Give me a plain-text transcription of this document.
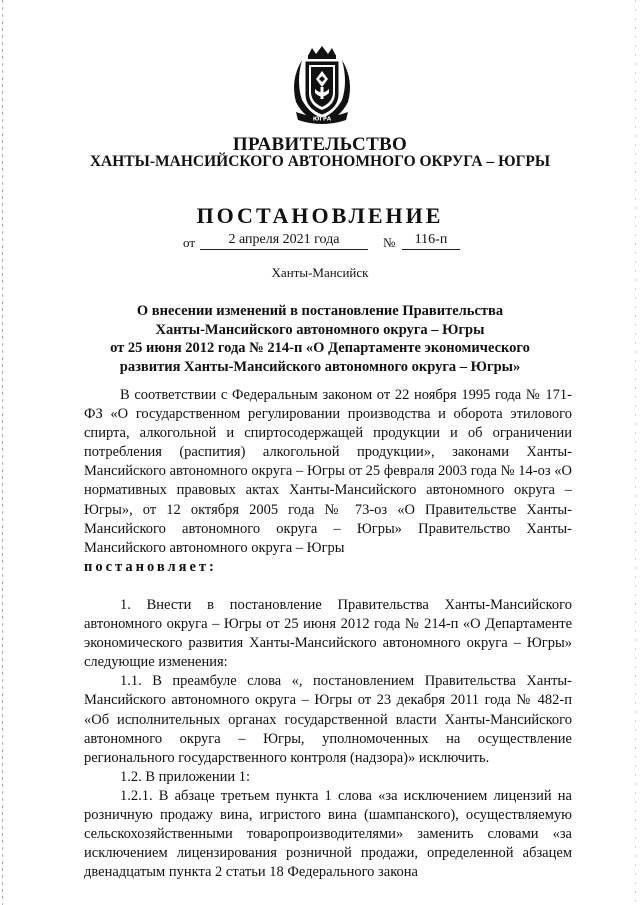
ЮГРА
ПРАВИТЕЛЬСТВО
ХАНТЫ-МАНСИЙСКОГО АВТОНОМНОГО ОКРУГА – ЮГРЫ
ПОСТАНОВЛЕНИЕ
от	2 апреля 2021 года	№	116-п
Ханты-Мансийск
О внесении изменений в постановление Правительства
Ханты-Мансийского автономного округа – Югры
от 25 июня 2012 года № 214-п «О Департаменте экономического
развития Ханты-Мансийского автономного округа – Югры»
В соответствии с Федеральным законом от 22 ноября 1995 года № 171-ФЗ «О государственном регулировании производства и оборота этилового спирта, алкогольной и спиртосодержащей продукции и об ограничении потребления (распития) алкогольной продукции», законами Ханты-Мансийского автономного округа – Югры от 25 февраля 2003 года № 14-оз «О нормативных правовых актах Ханты-Мансийского автономного округа – Югры», от 12 октября 2005 года № 73-оз «О Правительстве Ханты-Мансийского автономного округа – Югры» Правительство Ханты-Мансийского автономного округа – Югры
постановляет:
1. Внести в постановление Правительства Ханты-Мансийского автономного округа – Югры от 25 июня 2012 года № 214-п «О Департаменте экономического развития Ханты-Мансийского автономного округа – Югры» следующие изменения:
1.1. В преамбуле слова «, постановлением Правительства Ханты-Мансийского автономного округа – Югры от 23 декабря 2011 года № 482-п «Об исполнительных органах государственной власти Ханты-Мансийского автономного округа – Югры, уполномоченных на осуществление регионального государственного контроля (надзора)» исключить.
1.2. В приложении 1:
1.2.1. В абзаце третьем пункта 1 слова «за исключением лицензий на розничную продажу вина, игристого вина (шампанского), осуществляемую сельскохозяйственными товаропроизводителями» заменить словами «за исключением лицензирования розничной продажи, определенной абзацем двенадцатым пункта 2 статьи 18 Федерального закона
